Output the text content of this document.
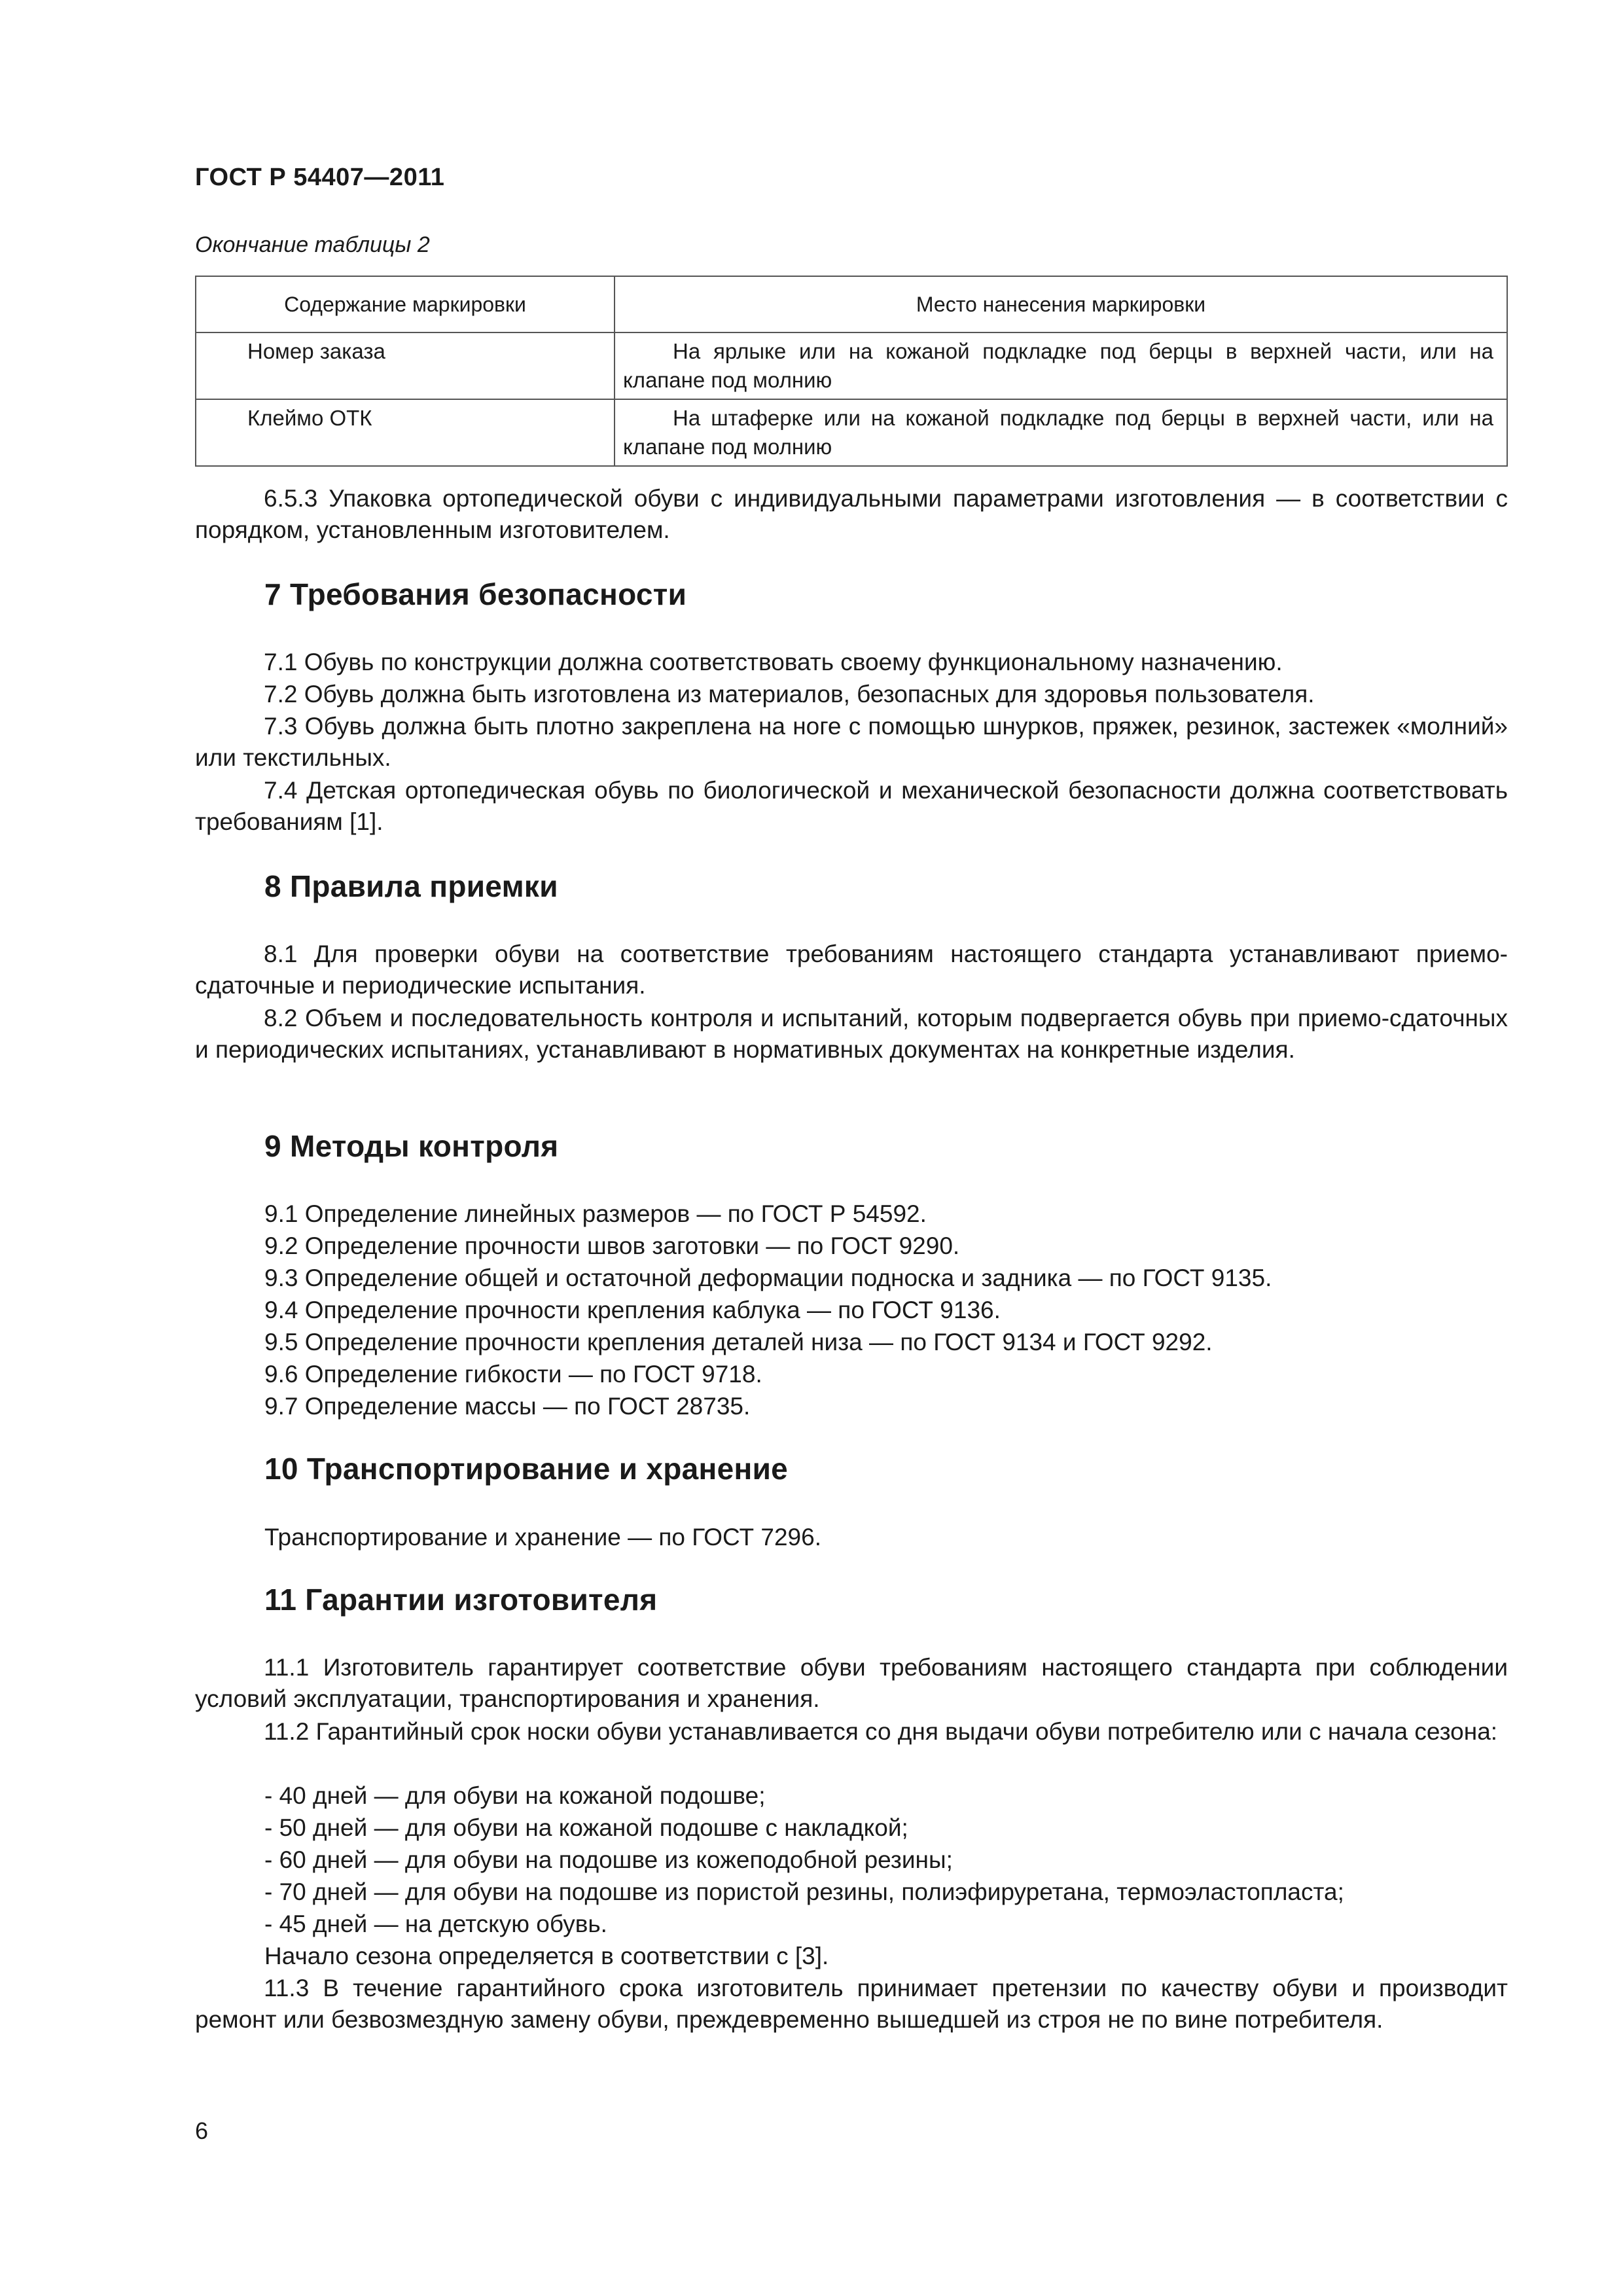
ГОСТ Р 54407—2011
Окончание таблицы 2
Содержание маркировки	Место нанесения маркировки
Номер заказа	На ярлыке или на кожаной подкладке под берцы в верхней части, или на клапане под молнию
Клеймо ОТК	На штаферке или на кожаной подкладке под берцы в верхней части, или на клапане под молнию
6.5.3 Упаковка ортопедической обуви с индивидуальными параметрами изготовления — в соответствии с порядком, установленным изготовителем.
7 Требования безопасности
7.1 Обувь по конструкции должна соответствовать своему функциональному назначению.
7.2 Обувь должна быть изготовлена из материалов, безопасных для здоровья пользователя.
7.3 Обувь должна быть плотно закреплена на ноге с помощью шнурков, пряжек, резинок, застежек «молний» или текстильных.
7.4 Детская ортопедическая обувь по биологической и механической безопасности должна соответствовать требованиям [1].
8 Правила приемки
8.1 Для проверки обуви на соответствие требованиям настоящего стандарта устанавливают приемо-сдаточные и периодические испытания.
8.2 Объем и последовательность контроля и испытаний, которым подвергается обувь при приемо-сдаточных и периодических испытаниях, устанавливают в нормативных документах на конкретные изделия.
9 Методы контроля
9.1 Определение линейных размеров — по ГОСТ Р 54592.
9.2 Определение прочности швов заготовки — по ГОСТ 9290.
9.3 Определение общей и остаточной деформации подноска и задника — по ГОСТ 9135.
9.4 Определение прочности крепления каблука — по ГОСТ 9136.
9.5 Определение прочности крепления деталей низа — по ГОСТ 9134 и ГОСТ 9292.
9.6 Определение гибкости — по ГОСТ 9718.
9.7 Определение массы — по ГОСТ 28735.
10 Транспортирование и хранение
Транспортирование и хранение — по ГОСТ 7296.
11 Гарантии изготовителя
11.1 Изготовитель гарантирует соответствие обуви требованиям настоящего стандарта при соблюдении условий эксплуатации, транспортирования и хранения.
11.2 Гарантийный срок носки обуви устанавливается со дня выдачи обуви потребителю или с начала сезона:
- 40 дней — для обуви на кожаной подошве;
- 50 дней — для обуви на кожаной подошве с накладкой;
- 60 дней — для обуви на подошве из кожеподобной резины;
- 70 дней — для обуви на подошве из пористой резины, полиэфируретана, термоэластопласта;
- 45 дней — на детскую обувь.
Начало сезона определяется в соответствии с [3].
11.3 В течение гарантийного срока изготовитель принимает претензии по качеству обуви и производит ремонт или безвозмездную замену обуви, преждевременно вышедшей из строя не по вине потребителя.
6
